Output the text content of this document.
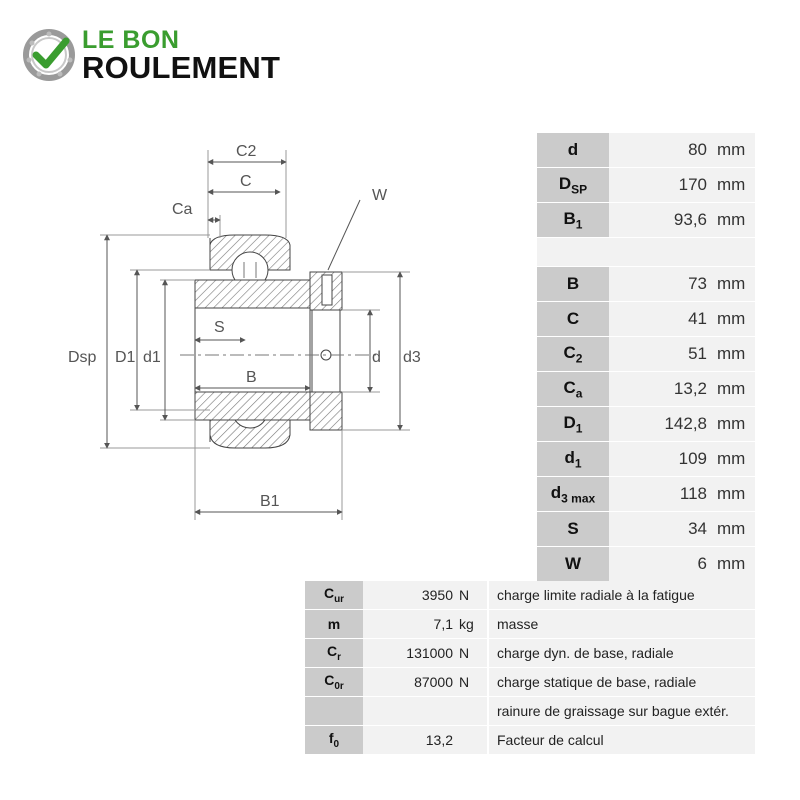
LE BON
ROULEMENT
C2
C
Ca
W
Dsp D1 d1
S
B
d d3
B1
d	80	mm
$D_{SP}$	170	mm
$B_1$	93,6	mm

B	73	mm
C	41	mm
$C_2$	51	mm
$C_a$	13,2	mm
$D_1$	142,8	mm
$d_1$	109	mm
$d_{3 max}$	118	mm
S	34	mm
W	6	mm
$C_{ur}$	3950	N	charge limite radiale à la fatigue
m	7,1	kg	masse
$C_r$	131000	N	charge dyn. de base, radiale
$C_{0r}$	87000	N	charge statique de base, radiale
			rainure de graissage sur bague extér.
$f_0$	13,2		Facteur de calcul
